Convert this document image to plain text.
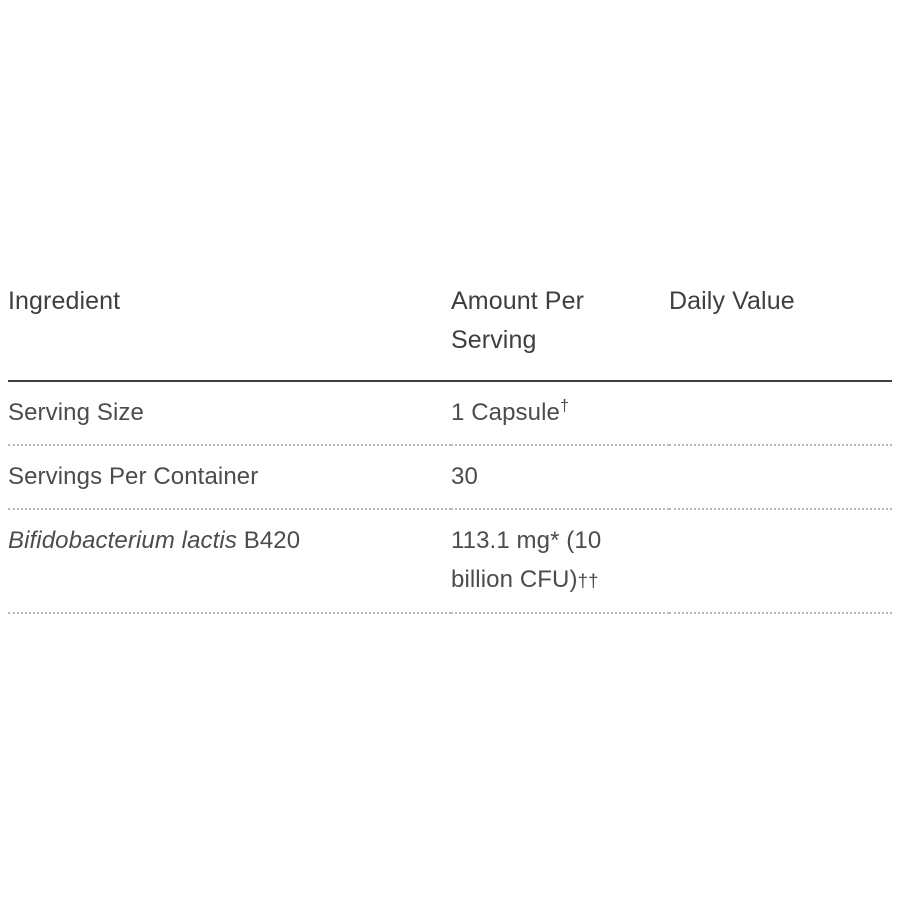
Ingredient	Amount Per Serving	Daily Value
Serving Size	1 Capsule†	
Servings Per Container	30	
Bifidobacterium lactis B420	113.1 mg* (10 billion CFU)††	
